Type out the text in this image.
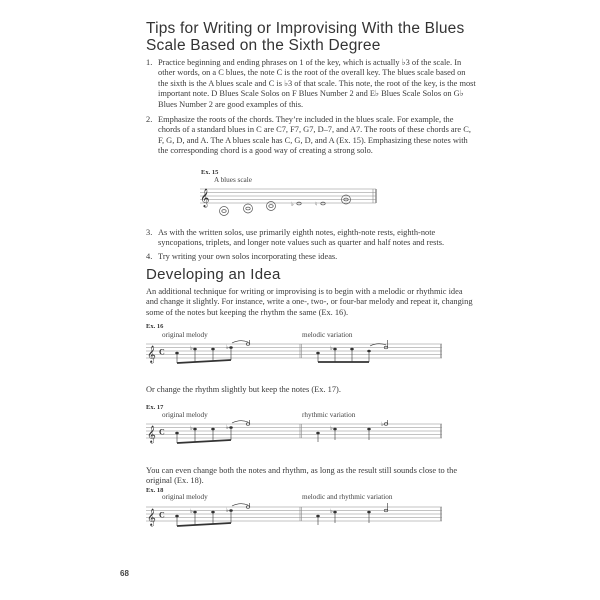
Tips for Writing or Improvising With the Blues Scale Based on the Sixth Degree
1. Practice beginning and ending phrases on 1 of the key, which is actually ♭3 of the scale. In other words, on a C blues, the note C is the root of the overall key. The blues scale based on the sixth is the A blues scale and C is ♭3 of that scale. This note, the root of the key, is the most important note. D Blues Scale Solos on F Blues Number 2 and E♭ Blues Scale Solos on G♭ Blues Number 2 are good examples of this.
2. Emphasize the roots of the chords. They’re included in the blues scale. For example, the chords of a standard blues in C are C7, F7, G7, D–7, and A7. The roots of these chords are C, F, G, D, and A. The A blues scale has C, G, D, and A (Ex. 15). Emphasizing these notes with the corresponding chord is a good way of creating a strong solo.
Ex. 15
A blues scale
𝄞	♭	♮
3. As with the written solos, use primarily eighth notes, eighth-note rests, eighth-note syncopations, triplets, and longer note values such as quarter and half notes and rests.
4. Try writing your own solos incorporating these ideas.
Developing an Idea
An additional technique for writing or improvising is to begin with a melodic or rhythmic idea and change it slightly. For instance, write a one-, two-, or four-bar melody and repeat it, changing some of the notes but keeping the rhythm the same (Ex. 16).
Ex. 16
original melody	melodic variation
𝄞 C	♭	♭	♭
Or change the rhythm slightly but keep the notes (Ex. 17).
Ex. 17
original melody	rhythmic variation
𝄞 C	♭	♭	♭
♭
You can even change both the notes and rhythm, as long as the result still sounds close to the original (Ex. 18).
Ex. 18
original melody	melodic and rhythmic variation
𝄞 C	♭	♭	♭
68
